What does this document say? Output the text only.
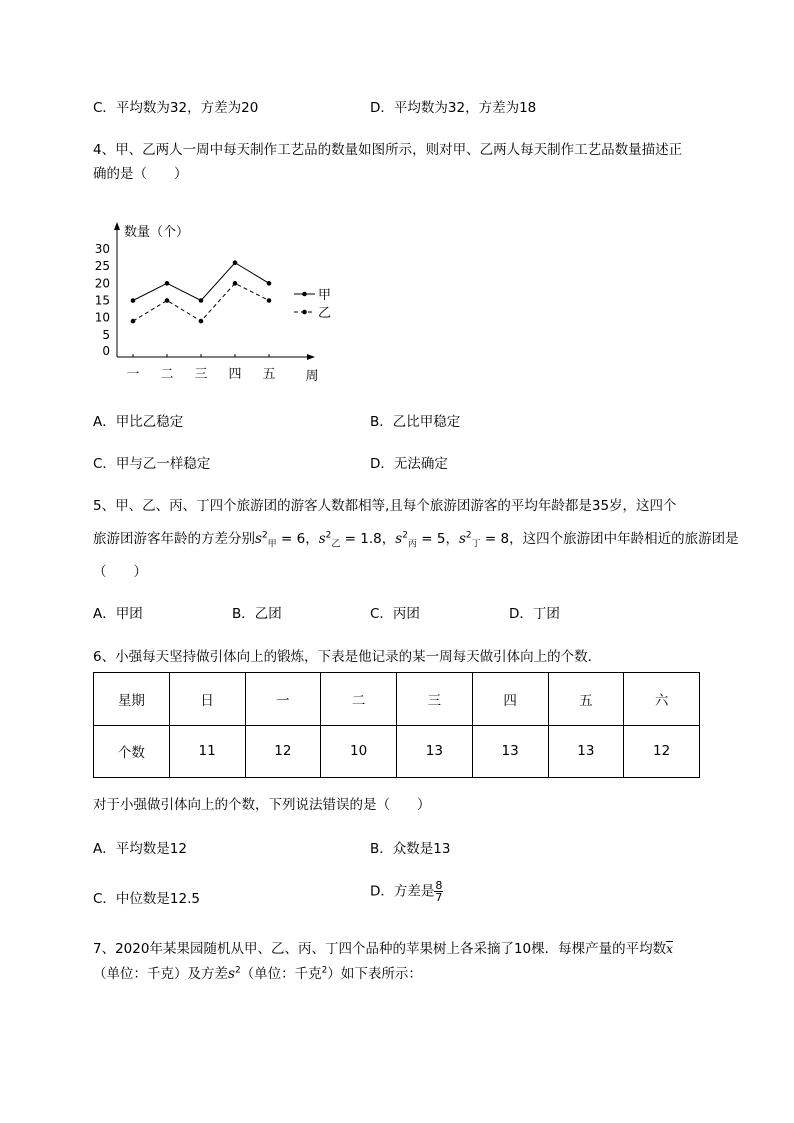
C．平均数为32，方差为20	D．平均数为32，方差为18
4、甲、乙两人一周中每天制作工艺品的数量如图所示，则对甲、乙两人每天制作工艺品数量描述正
确的是（　　）
数量（个）
30
25
20
15
10
5
0
一 二 三 四 五 周
甲
乙
A．甲比乙稳定	B．乙比甲稳定
C．甲与乙一样稳定	D．无法确定
5、甲、乙、丙、丁四个旅游团的游客人数都相等,且每个旅游团游客的平均年龄都是35岁，这四个
旅游团游客年龄的方差分别$s^2_甲 = 6$，$s^2_乙 = 1.8$，$s^2_丙 = 5$，$s^2_丁 = 8$，这四个旅游团中年龄相近的旅游团是
（　　）
A．甲团	B．乙团	C．丙团	D．丁团
6、小强每天坚持做引体向上的锻炼，下表是他记录的某一周每天做引体向上的个数．
星期	日	一	二	三	四	五	六
个数	11	12	10	13	13	13	12
对于小强做引体向上的个数，下列说法错误的是（　　）
A．平均数是12	B．众数是13
C．中位数是12.5	D．方差是 $\frac{8}{7}$
7、2020年某果园随机从甲、乙、丙、丁四个品种的苹果树上各采摘了10棵．每棵产量的平均数$\overline{x}$
（单位：千克）及方差$s^2$（单位：千克$^2$）如下表所示：
